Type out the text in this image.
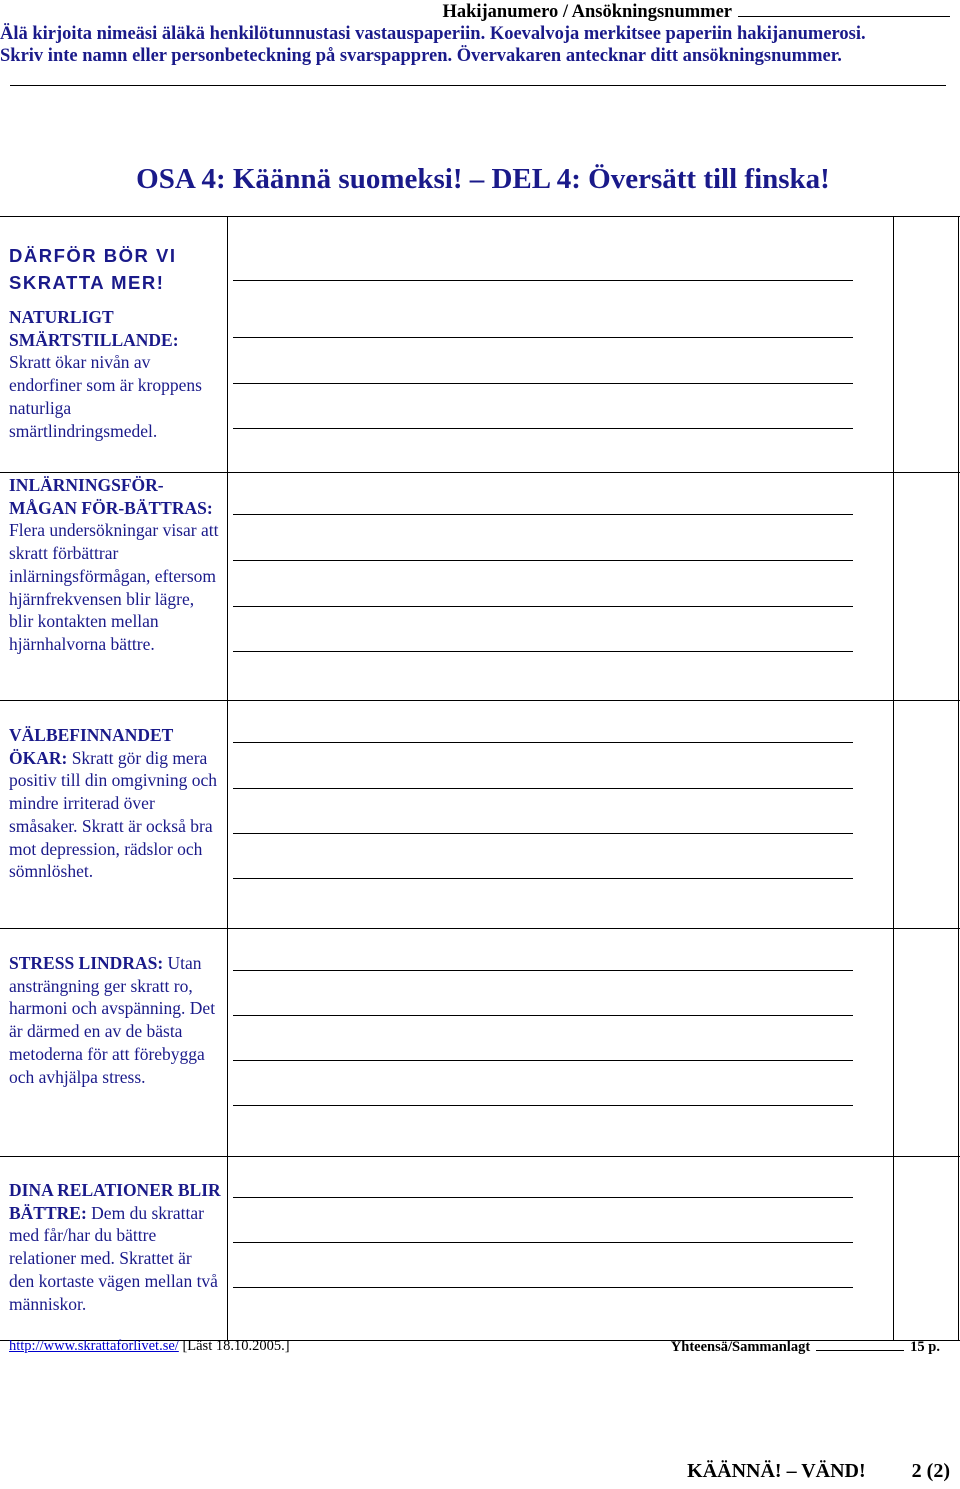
Hakijanumero / Ansökningsnummer
Älä kirjoita nimeäsi äläkä henkilötunnustasi vastauspaperiin. Koevalvoja merkitsee paperiin hakijanumerosi.
Skriv inte namn eller personbeteckning på svarspappren. Övervakaren antecknar ditt ansökningsnummer.
OSA 4: Käännä suomeksi! – DEL 4: Översätt till finska!
DÄRFÖR BÖR VI SKRATTA MER!
NATURLIGT SMÄRTSTILLANDE: Skratt ökar nivån av endorfiner som är kroppens naturliga smärtlindringsmedel.
INLÄRNINGSFÖR-MÅGAN FÖR-BÄTTRAS: Flera undersökningar visar att skratt förbättrar inlärningsförmågan, eftersom hjärnfrekvensen blir lägre, blir kontakten mellan hjärnhalvorna bättre.
VÄLBEFINNANDET ÖKAR: Skratt gör dig mera positiv till din omgivning och mindre irriterad över småsaker. Skratt är också bra mot depression, rädslor och sömnlöshet.
STRESS LINDRAS: Utan ansträngning ger skratt ro, harmoni och avspänning. Det är därmed en av de bästa metoderna för att förebygga och avhjälpa stress.
DINA RELATIONER BLIR BÄTTRE: Dem du skrattar med får/har du bättre relationer med. Skrattet är den kortaste vägen mellan två människor.
http://www.skrattaforlivet.se/ [Läst 18.10.2005.]	Yhteensä/Sammanlagt	15 p.
KÄÄNNÄ! – VÄND! 2 (2)
